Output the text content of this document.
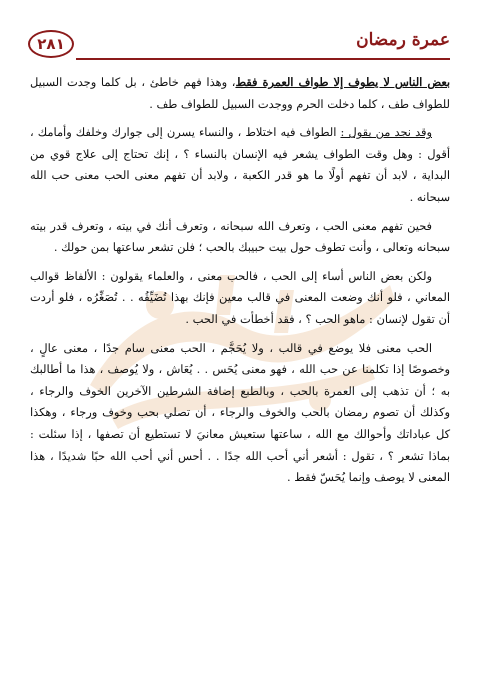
٢٨١	عمرة رمضان

بعض الناس لا يطوف إلا طواف العمرة فقط، وهذا فهم خاطئ ، بل كلما وجدت السبيل للطواف طف ، كلما دخلت الحرم ووجدت السبيل للطواف طف .

وقد نجد من يقول : الطواف فيه اختلاط ، والنساء يسرن إلى جوارك وخلفك وأمامك ، أقول : وهل وقت الطواف يشعر فيه الإنسان بالنساء ؟ ، إنك تحتاج إلى علاج قوي من البداية ، لابد أن تفهم أولًا ما هو قدر الكعبة ، ولابد أن تفهم معنى الحب معنى حب الله سبحانه .

فحين تفهم معنى الحب ، وتعرف الله سبحانه ، وتعرف أنك في بيته ، وتعرف قدر بيته سبحانه وتعالى ، وأنت تطوف حول بيت حبيبك بالحب ؛ فلن تشعر ساعتها بمن حولك .

ولكن بعض الناس أساء إلى الحب ، فالحب معنى ، والعلماء يقولون : الألفاظ قوالب المعاني ، فلو أنك وضعت المعنى في قالب معين فإنك بهذا تُضَيِّقُه . . تُصَغِّرُه ، فلو أردت أن تقول لإنسان : ماهو الحب ؟ ، فقد أخطأت في الحب .

الحب معنى فلا يوضع في قالب ، ولا يُحَجَّم ، الحب معنى سام جدًا ، معنى عالٍ ، وخصوصًا إذا تكلمنا عن حب الله ، فهو معنى يُحَس . . يُعَاش ، ولا يُوصف ، هذا ما أطالبك به ؛ أن تذهب إلى العمرة بالحب ، وبالطبع إضافة الشرطين الآخرين الخوف والرجاء ، وكذلك أن تصوم رمضان بالحب والخوف والرجاء ، أن تصلي بحب وخوف ورجاء ، وهكذا كل عباداتك وأحوالك مع الله ، ساعتها ستعيش معانيَ لا تستطيع أن تصفها ، إذا سئلت : بماذا تشعر ؟ ، تقول : أشعر أني أحب الله جدًا . . أحس أني أحب الله حبًا شديدًا ، هذا المعنى لا يوصف وإنما يُحَسّ فقط .
